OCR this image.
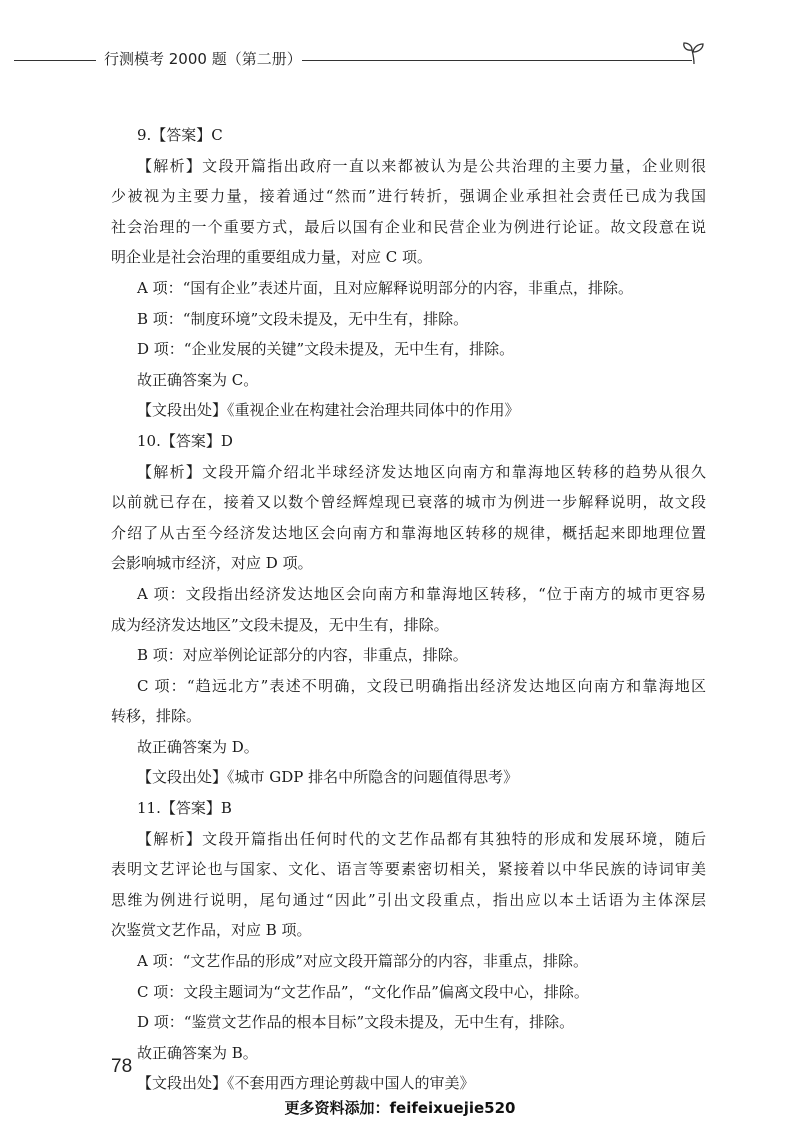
行测模考 2000 题（第二册）
9.【答案】C
【解析】文段开篇指出政府一直以来都被认为是公共治理的主要力量，企业则很
少被视为主要力量，接着通过“然而”进行转折，强调企业承担社会责任已成为我国
社会治理的一个重要方式，最后以国有企业和民营企业为例进行论证。故文段意在说
明企业是社会治理的重要组成力量，对应 C 项。
A 项：“国有企业”表述片面，且对应解释说明部分的内容，非重点，排除。
B 项：“制度环境”文段未提及，无中生有，排除。
D 项：“企业发展的关键”文段未提及，无中生有，排除。
故正确答案为 C。
【文段出处】《重视企业在构建社会治理共同体中的作用》
10.【答案】D
【解析】文段开篇介绍北半球经济发达地区向南方和靠海地区转移的趋势从很久
以前就已存在，接着又以数个曾经辉煌现已衰落的城市为例进一步解释说明，故文段
介绍了从古至今经济发达地区会向南方和靠海地区转移的规律，概括起来即地理位置
会影响城市经济，对应 D 项。
A 项：文段指出经济发达地区会向南方和靠海地区转移，“位于南方的城市更容易
成为经济发达地区”文段未提及，无中生有，排除。
B 项：对应举例论证部分的内容，非重点，排除。
C 项：“趋远北方”表述不明确，文段已明确指出经济发达地区向南方和靠海地区
转移，排除。
故正确答案为 D。
【文段出处】《城市 GDP 排名中所隐含的问题值得思考》
11.【答案】B
【解析】文段开篇指出任何时代的文艺作品都有其独特的形成和发展环境，随后
表明文艺评论也与国家、文化、语言等要素密切相关，紧接着以中华民族的诗词审美
思维为例进行说明，尾句通过“因此”引出文段重点，指出应以本土话语为主体深层
次鉴赏文艺作品，对应 B 项。
A 项：“文艺作品的形成”对应文段开篇部分的内容，非重点，排除。
C 项：文段主题词为“文艺作品”，“文化作品”偏离文段中心，排除。
D 项：“鉴赏文艺作品的根本目标”文段未提及，无中生有，排除。
故正确答案为 B。
【文段出处】《不套用西方理论剪裁中国人的审美》
78
更多资料添加：feifeixuejie520
